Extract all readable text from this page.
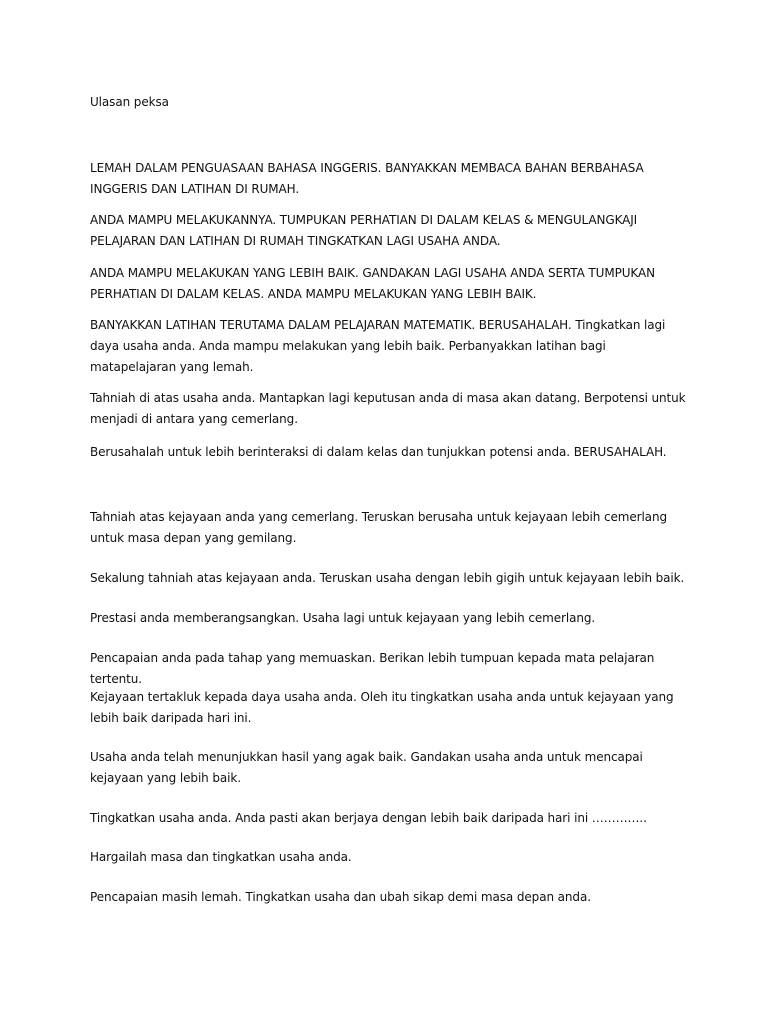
Ulasan peksa

LEMAH DALAM PENGUASAAN BAHASA INGGERIS. BANYAKKAN MEMBACA BAHAN BERBAHASA INGGERIS DAN LATIHAN DI RUMAH.

ANDA MAMPU MELAKUKANNYA. TUMPUKAN PERHATIAN DI DALAM KELAS & MENGULANGKAJI PELAJARAN DAN LATIHAN DI RUMAH TINGKATKAN LAGI USAHA ANDA.

ANDA MAMPU MELAKUKAN YANG LEBIH BAIK. GANDAKAN LAGI USAHA ANDA SERTA TUMPUKAN PERHATIAN DI DALAM KELAS. ANDA MAMPU MELAKUKAN YANG LEBIH BAIK.

BANYAKKAN LATIHAN TERUTAMA DALAM PELAJARAN MATEMATIK. BERUSAHALAH. Tingkatkan lagi daya usaha anda. Anda mampu melakukan yang lebih baik. Perbanyakkan latihan bagi matapelajaran yang lemah.

Tahniah di atas usaha anda. Mantapkan lagi keputusan anda di masa akan datang. Berpotensi untuk menjadi di antara yang cemerlang.

Berusahalah untuk lebih berinteraksi di dalam kelas dan tunjukkan potensi anda. BERUSAHALAH.

Tahniah atas kejayaan anda yang cemerlang. Teruskan berusaha untuk kejayaan lebih cemerlang untuk masa depan yang gemilang.

Sekalung tahniah atas kejayaan anda. Teruskan usaha dengan lebih gigih untuk kejayaan lebih baik.

Prestasi anda memberangsangkan. Usaha lagi untuk kejayaan yang lebih cemerlang.

Pencapaian anda pada tahap yang memuaskan. Berikan lebih tumpuan kepada mata pelajaran tertentu.

Kejayaan tertakluk kepada daya usaha anda. Oleh itu tingkatkan usaha anda untuk kejayaan yang lebih baik daripada hari ini.

Usaha anda telah menunjukkan hasil yang agak baik. Gandakan usaha anda untuk mencapai kejayaan yang lebih baik.

Tingkatkan usaha anda. Anda pasti akan berjaya dengan lebih baik daripada hari ini …………..

Hargailah masa dan tingkatkan usaha anda.

Pencapaian masih lemah. Tingkatkan usaha dan ubah sikap demi masa depan anda.
